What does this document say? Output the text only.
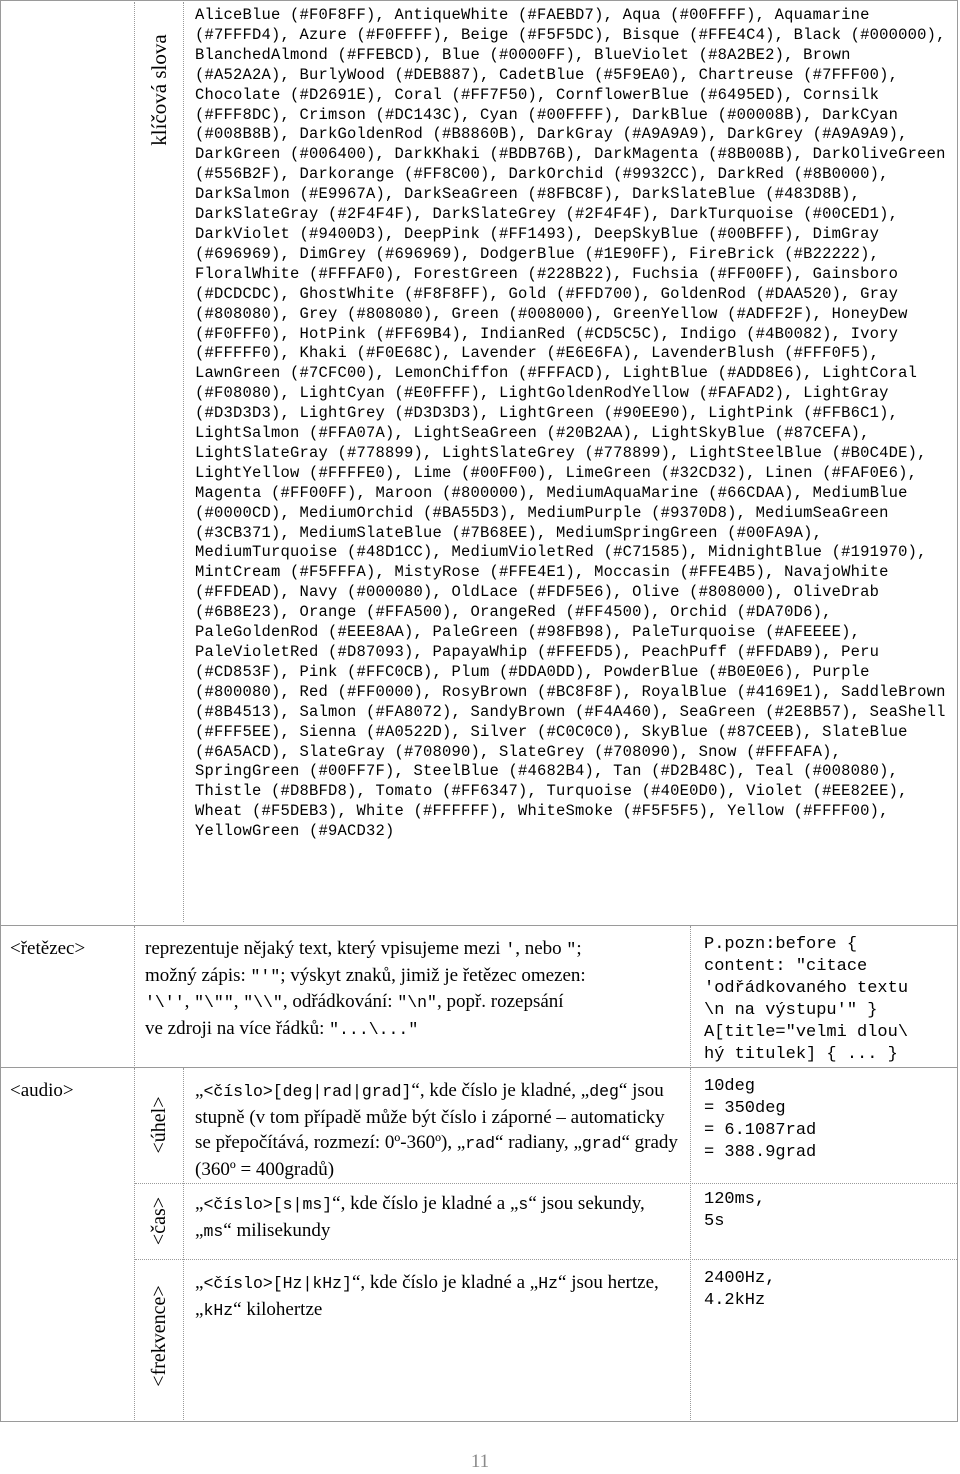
klíčová slova
AliceBlue (#F0F8FF), AntiqueWhite (#FAEBD7), Aqua (#00FFFF), Aquamarine (#7FFFD4), Azure (#F0FFFF), Beige (#F5F5DC), Bisque (#FFE4C4), Black (#000000), BlanchedAlmond (#FFEBCD), Blue (#0000FF), BlueViolet (#8A2BE2), Brown (#A52A2A), BurlyWood (#DEB887), CadetBlue (#5F9EA0), Chartreuse (#7FFF00), Chocolate (#D2691E), Coral (#FF7F50), CornflowerBlue (#6495ED), Cornsilk (#FFF8DC), Crimson (#DC143C), Cyan (#00FFFF), DarkBlue (#00008B), DarkCyan (#008B8B), DarkGoldenRod (#B8860B), DarkGray (#A9A9A9), DarkGrey (#A9A9A9), DarkGreen (#006400), DarkKhaki (#BDB76B), DarkMagenta (#8B008B), DarkOliveGreen (#556B2F), Darkorange (#FF8C00), DarkOrchid (#9932CC), DarkRed (#8B0000), DarkSalmon (#E9967A), DarkSeaGreen (#8FBC8F), DarkSlateBlue (#483D8B), DarkSlateGray (#2F4F4F), DarkSlateGrey (#2F4F4F), DarkTurquoise (#00CED1), DarkViolet (#9400D3), DeepPink (#FF1493), DeepSkyBlue (#00BFFF), DimGray (#696969), DimGrey (#696969), DodgerBlue (#1E90FF), FireBrick (#B22222), FloralWhite (#FFFAF0), ForestGreen (#228B22), Fuchsia (#FF00FF), Gainsboro (#DCDCDC), GhostWhite (#F8F8FF), Gold (#FFD700), GoldenRod (#DAA520), Gray (#808080), Grey (#808080), Green (#008000), GreenYellow (#ADFF2F), HoneyDew (#F0FFF0), HotPink (#FF69B4), IndianRed (#CD5C5C), Indigo (#4B0082), Ivory (#FFFFF0), Khaki (#F0E68C), Lavender (#E6E6FA), LavenderBlush (#FFF0F5), LawnGreen (#7CFC00), LemonChiffon (#FFFACD), LightBlue (#ADD8E6), LightCoral (#F08080), LightCyan (#E0FFFF), LightGoldenRodYellow (#FAFAD2), LightGray (#D3D3D3), LightGrey (#D3D3D3), LightGreen (#90EE90), LightPink (#FFB6C1), LightSalmon (#FFA07A), LightSeaGreen (#20B2AA), LightSkyBlue (#87CEFA), LightSlateGray (#778899), LightSlateGrey (#778899), LightSteelBlue (#B0C4DE), LightYellow (#FFFFE0), Lime (#00FF00), LimeGreen (#32CD32), Linen (#FAF0E6), Magenta (#FF00FF), Maroon (#800000), MediumAquaMarine (#66CDAA), MediumBlue (#0000CD), MediumOrchid (#BA55D3), MediumPurple (#9370D8), MediumSeaGreen (#3CB371), MediumSlateBlue (#7B68EE), MediumSpringGreen (#00FA9A), MediumTurquoise (#48D1CC), MediumVioletRed (#C71585), MidnightBlue (#191970), MintCream (#F5FFFA), MistyRose (#FFE4E1), Moccasin (#FFE4B5), NavajoWhite (#FFDEAD), Navy (#000080), OldLace (#FDF5E6), Olive (#808000), OliveDrab (#6B8E23), Orange (#FFA500), OrangeRed (#FF4500), Orchid (#DA70D6), PaleGoldenRod (#EEE8AA), PaleGreen (#98FB98), PaleTurquoise (#AFEEEE), PaleVioletRed (#D87093), PapayaWhip (#FFEFD5), PeachPuff (#FFDAB9), Peru (#CD853F), Pink (#FFC0CB), Plum (#DDA0DD), PowderBlue (#B0E0E6), Purple (#800080), Red (#FF0000), RosyBrown (#BC8F8F), RoyalBlue (#4169E1), SaddleBrown (#8B4513), Salmon (#FA8072), SandyBrown (#F4A460), SeaGreen (#2E8B57), SeaShell (#FFF5EE), Sienna (#A0522D), Silver (#C0C0C0), SkyBlue (#87CEEB), SlateBlue (#6A5ACD), SlateGray (#708090), SlateGrey (#708090), Snow (#FFFAFA), SpringGreen (#00FF7F), SteelBlue (#4682B4), Tan (#D2B48C), Teal (#008080), Thistle (#D8BFD8), Tomato (#FF6347), Turquoise (#40E0D0), Violet (#EE82EE), Wheat (#F5DEB3), White (#FFFFFF), WhiteSmoke (#F5F5F5), Yellow (#FFFF00), YellowGreen (#9ACD32)
<řetězec>	reprezentuje nějaký text, který vpisujeme mezi ', nebo ";
možný zápis: "'"; výskyt znaků, jimiž je řetězec omezen:
'\'', "\"", "\\", odřádkování: "\n", popř. rozepsání
ve zdroji na více řádků: "...\..."
P.pozn:before {
content: "citace
'odřádkovaného textu
\n na výstupu'" }
A[title="velmi dlou\
hý titulek] { ... }
<audio>
<úhel>
„<číslo>[deg|rad|grad]“, kde číslo je kladné, „deg“ jsou stupně (v tom případě může být číslo i záporné – automaticky se přepočítává, rozmezí: 0º-360º), „rad“ radiany, „grad“ grady (360º = 400gradů)
10deg
= 350deg
= 6.1087rad
= 388.9grad
<čas> „<číslo>[s|ms]“, kde číslo je kladné a „s“ jsou sekundy, „ms“ milisekundy
120ms,
5s
<frekvence>
„<číslo>[Hz|kHz]“, kde číslo je kladné a „Hz“ jsou hertze, „kHz“ kilohertze
2400Hz,
4.2kHz
11
